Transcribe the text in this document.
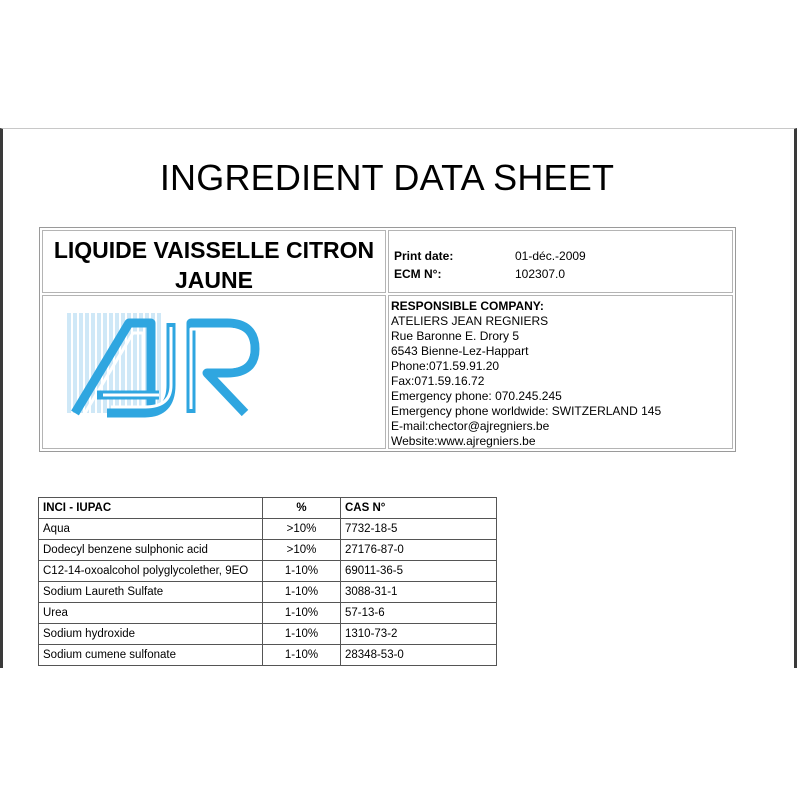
INGREDIENT DATA SHEET
LIQUIDE VAISSELLE CITRON
JAUNE
Print date:	01-déc.-2009
ECM N°:	102307.0
RESPONSIBLE COMPANY:
ATELIERS JEAN REGNIERS
Rue Baronne E. Drory 5
6543 Bienne-Lez-Happart
Phone:071.59.91.20
Fax:071.59.16.72
Emergency phone: 070.245.245
Emergency phone worldwide: SWITZERLAND 145
E-mail:chector@ajregniers.be
Website:www.ajregniers.be
INCI - IUPAC	%	CAS N°
Aqua	>10%	7732-18-5
Dodecyl benzene sulphonic acid	>10%	27176-87-0
C12-14-oxoalcohol polyglycolether, 9EO	1-10%	69011-36-5
Sodium Laureth Sulfate	1-10%	3088-31-1
Urea	1-10%	57-13-6
Sodium hydroxide	1-10%	1310-73-2
Sodium cumene sulfonate	1-10%	28348-53-0
